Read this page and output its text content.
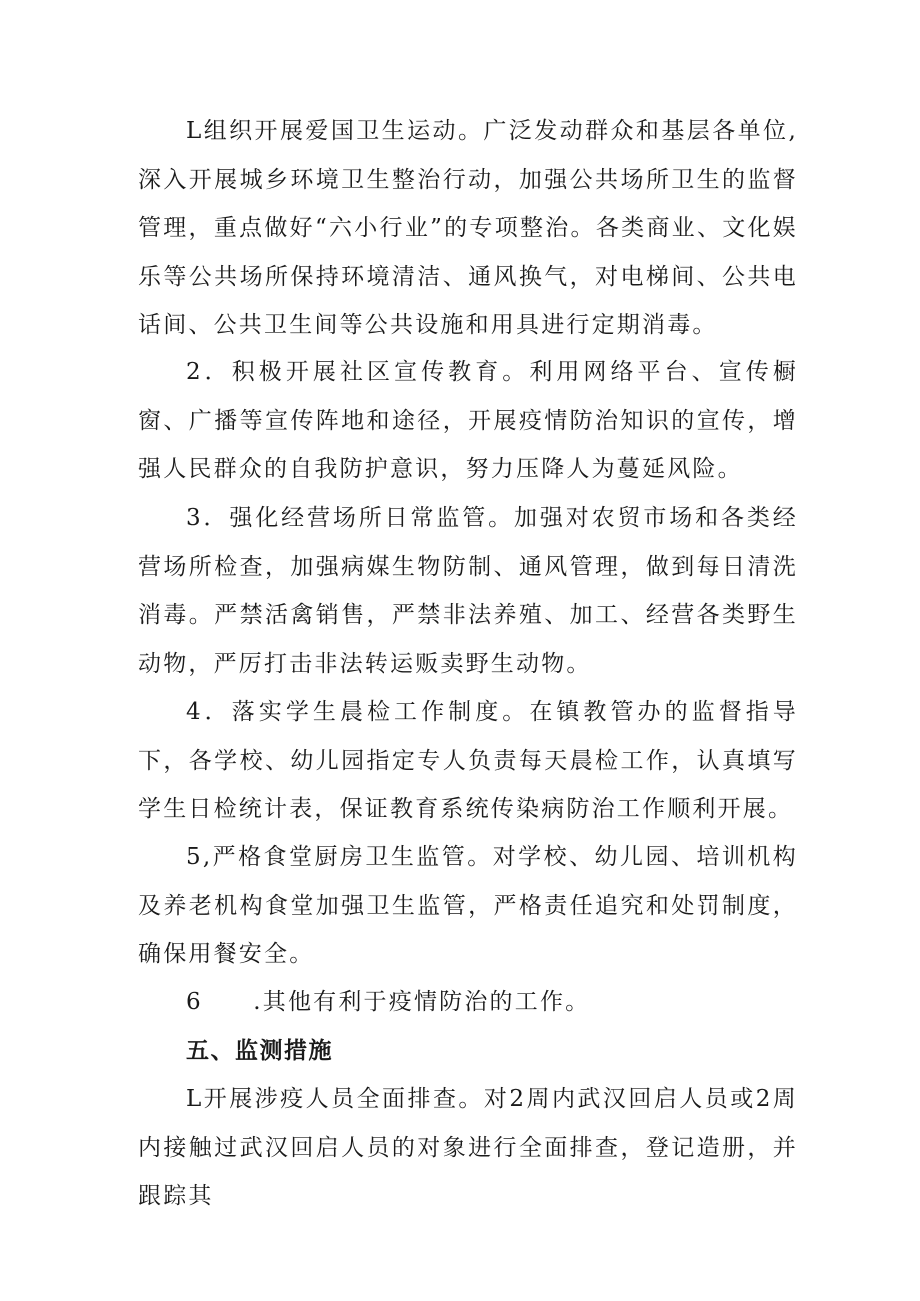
L组织开展爱国卫生运动。广泛发动群众和基层各单位,深入开展城乡环境卫生整治行动，加强公共场所卫生的监督管理，重点做好“六小行业”的专项整治。各类商业、文化娱乐等公共场所保持环境清洁、通风换气，对电梯间、公共电话间、公共卫生间等公共设施和用具进行定期消毒。

2．积极开展社区宣传教育。利用网络平台、宣传橱窗、广播等宣传阵地和途径，开展疫情防治知识的宣传，增强人民群众的自我防护意识，努力压降人为蔓延风险。

3．强化经营场所日常监管。加强对农贸市场和各类经营场所检查，加强病媒生物防制、通风管理，做到每日清洗消毒。严禁活禽销售，严禁非法养殖、加工、经营各类野生动物，严厉打击非法转运贩卖野生动物。

4．落实学生晨检工作制度。在镇教管办的监督指导下，各学校、幼儿园指定专人负责每天晨检工作，认真填写学生日检统计表，保证教育系统传染病防治工作顺利开展。

5,严格食堂厨房卫生监管。对学校、幼儿园、培训机构及养老机构食堂加强卫生监管，严格责任追究和处罚制度，确保用餐安全。

6　　.其他有利于疫情防治的工作。

五、监测措施

L开展涉疫人员全面排查。对2周内武汉回启人员或2周内接触过武汉回启人员的对象进行全面排查，登记造册，并跟踪其
